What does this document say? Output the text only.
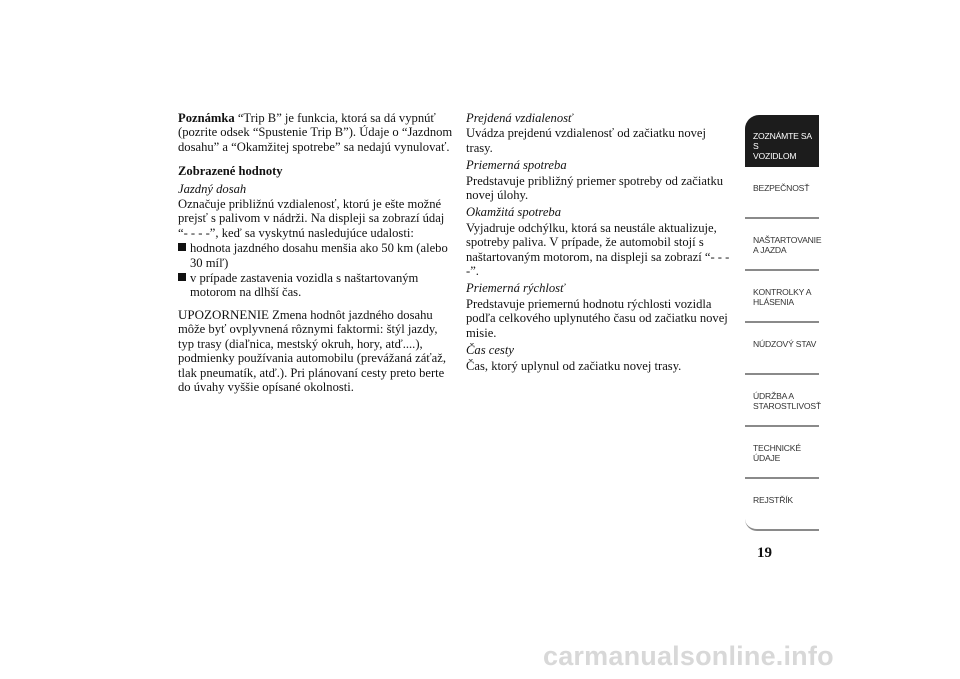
Poznámka “Trip B” je funkcia, ktorá sa dá vypnúť (pozrite odsek “Spustenie Trip B”). Údaje o “Jazdnom dosahu” a “Okamžitej spotrebe” sa nedajú vynulovať.

Zobrazené hodnoty

Jazdný dosah

Označuje približnú vzdialenosť, ktorú je ešte možné prejsť s palivom v nádrži. Na displeji sa zobrazí údaj “- - - -”, keď sa vyskytnú nasledujúce udalosti:

hodnota jazdného dosahu menšia ako 50 km (alebo 30 míľ)
v prípade zastavenia vozidla s naštartovaným motorom na dlhší čas.

UPOZORNENIE Zmena hodnôt jazdného dosahu môže byť ovplyvnená rôznymi faktormi: štýl jazdy, typ trasy (diaľnica, mestský okruh, hory, atď....), podmienky používania automobilu (prevážaná záťaž, tlak pneumatík, atď.). Pri plánovaní cesty preto berte do úvahy vyššie opísané okolnosti.

Prejdená vzdialenosť

Uvádza prejdenú vzdialenosť od začiatku novej trasy.

Priemerná spotreba

Predstavuje približný priemer spotreby od začiatku novej úlohy.

Okamžitá spotreba

Vyjadruje odchýlku, ktorá sa neustále aktualizuje, spotreby paliva. V prípade, že automobil stojí s naštartovaným motorom, na displeji sa zobrazí “- - - -”.

Priemerná rýchlosť

Predstavuje priemernú hodnotu rýchlosti vozidla podľa celkového uplynutého času od začiatku novej misie.

Čas cesty

Čas, ktorý uplynul od začiatku novej trasy.

ZOZNÁMTE SA S
VOZIDLOM
BEZPEČNOSŤ

NAŠTARTOVANIE
A JAZDA
KONTROLKY A
HLÁSENIA
NÚDZOVÝ STAV

ÚDRŽBA A
STAROSTLIVOSŤ
TECHNICKÉ
ÚDAJE
REJSTŘÍK

19
carmanualsonline.info
